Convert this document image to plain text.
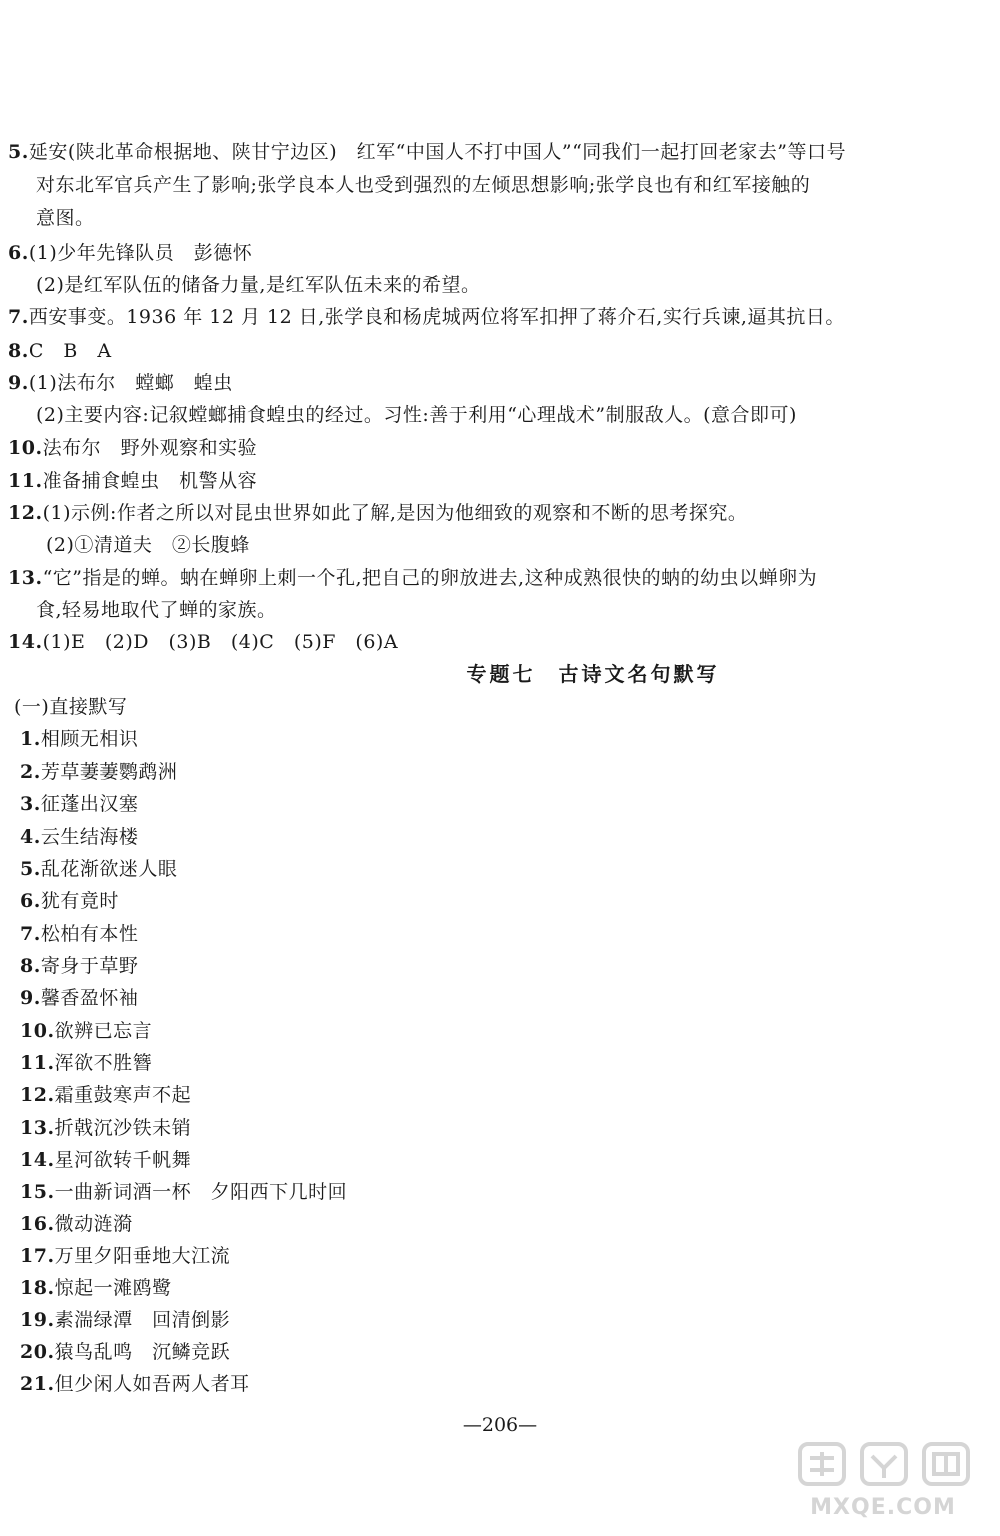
5.延安(陕北革命根据地、陕甘宁边区)　红军“中国人不打中国人”“同我们一起打回老家去”等口号
对东北军官兵产生了影响;张学良本人也受到强烈的左倾思想影响;张学良也有和红军接触的
意图。
6.(1)少年先锋队员　彭德怀
(2)是红军队伍的储备力量,是红军队伍未来的希望。
7.西安事变。1936 年 12 月 12 日,张学良和杨虎城两位将军扣押了蒋介石,实行兵谏,逼其抗日。
8.C　B　A
9.(1)法布尔　螳螂　蝗虫
(2)主要内容:记叙螳螂捕食蝗虫的经过。习性:善于利用“心理战术”制服敌人。(意合即可)
10.法布尔　野外观察和实验
11.准备捕食蝗虫　机警从容
12.(1)示例:作者之所以对昆虫世界如此了解,是因为他细致的观察和不断的思考探究。
(2)①清道夫　②长腹蜂
13.“它”指是的蝉。蚋在蝉卵上刺一个孔,把自己的卵放进去,这种成熟很快的蚋的幼虫以蝉卵为
食,轻易地取代了蝉的家族。
14.(1)E　(2)D　(3)B　(4)C　(5)F　(6)A
专题七　古诗文名句默写
(一)直接默写
1.相顾无相识
2.芳草萋萋鹦鹉洲
3.征蓬出汉塞
4.云生结海楼
5.乱花渐欲迷人眼
6.犹有竟时
7.松柏有本性
8.寄身于草野
9.馨香盈怀袖
10.欲辨已忘言
11.浑欲不胜簪
12.霜重鼓寒声不起
13.折戟沉沙铁未销
14.星河欲转千帆舞
15.一曲新词酒一杯　夕阳西下几时回
16.微动涟漪
17.万里夕阳垂地大江流
18.惊起一滩鸥鹭
19.素湍绿潭　回清倒影
20.猿鸟乱鸣　沉鳞竞跃
21.但少闲人如吾两人者耳
—206—
MXQE.COM
